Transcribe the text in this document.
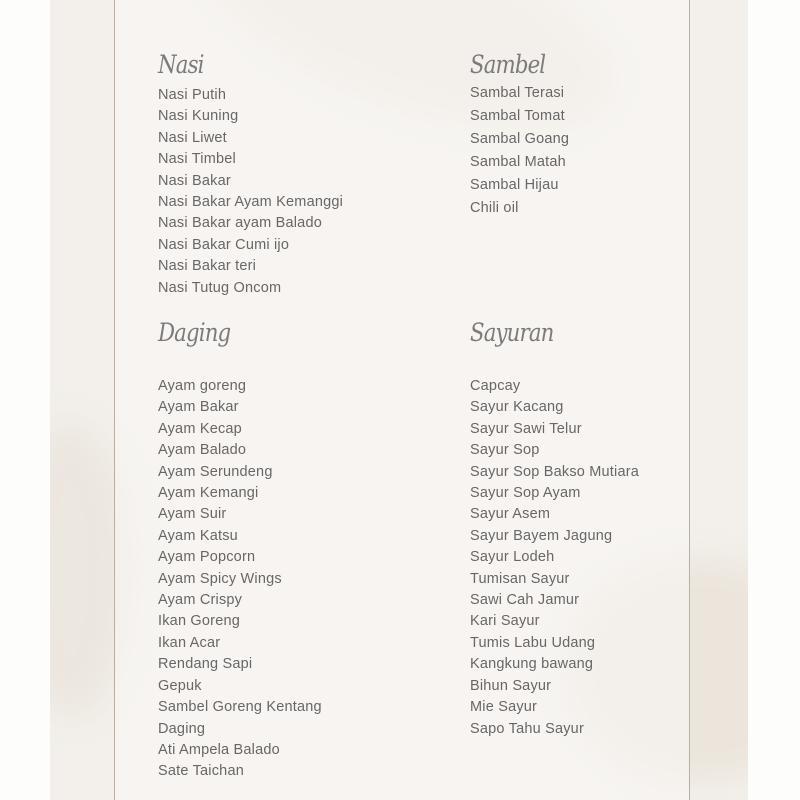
Nasi
Nasi Putih
Nasi Kuning
Nasi Liwet
Nasi Timbel
Nasi Bakar
Nasi Bakar Ayam Kemanggi
Nasi Bakar ayam Balado
Nasi Bakar Cumi ijo
Nasi Bakar teri
Nasi Tutug Oncom
Sambel
Sambal Terasi
Sambal Tomat
Sambal Goang
Sambal Matah
Sambal Hijau
Chili oil
Daging
Ayam goreng
Ayam Bakar
Ayam Kecap
Ayam Balado
Ayam Serundeng
Ayam Kemangi
Ayam Suir
Ayam Katsu
Ayam Popcorn
Ayam Spicy Wings
Ayam Crispy
Ikan Goreng
Ikan Acar
Rendang Sapi
Gepuk
Sambel Goreng Kentang
Daging
Ati Ampela Balado
Sate Taichan
Sayuran
Capcay
Sayur Kacang
Sayur Sawi Telur
Sayur Sop
Sayur Sop Bakso Mutiara
Sayur Sop Ayam
Sayur Asem
Sayur Bayem Jagung
Sayur Lodeh
Tumisan Sayur
Sawi Cah Jamur
Kari Sayur
Tumis Labu Udang
Kangkung bawang
Bihun Sayur
Mie Sayur
Sapo Tahu Sayur
